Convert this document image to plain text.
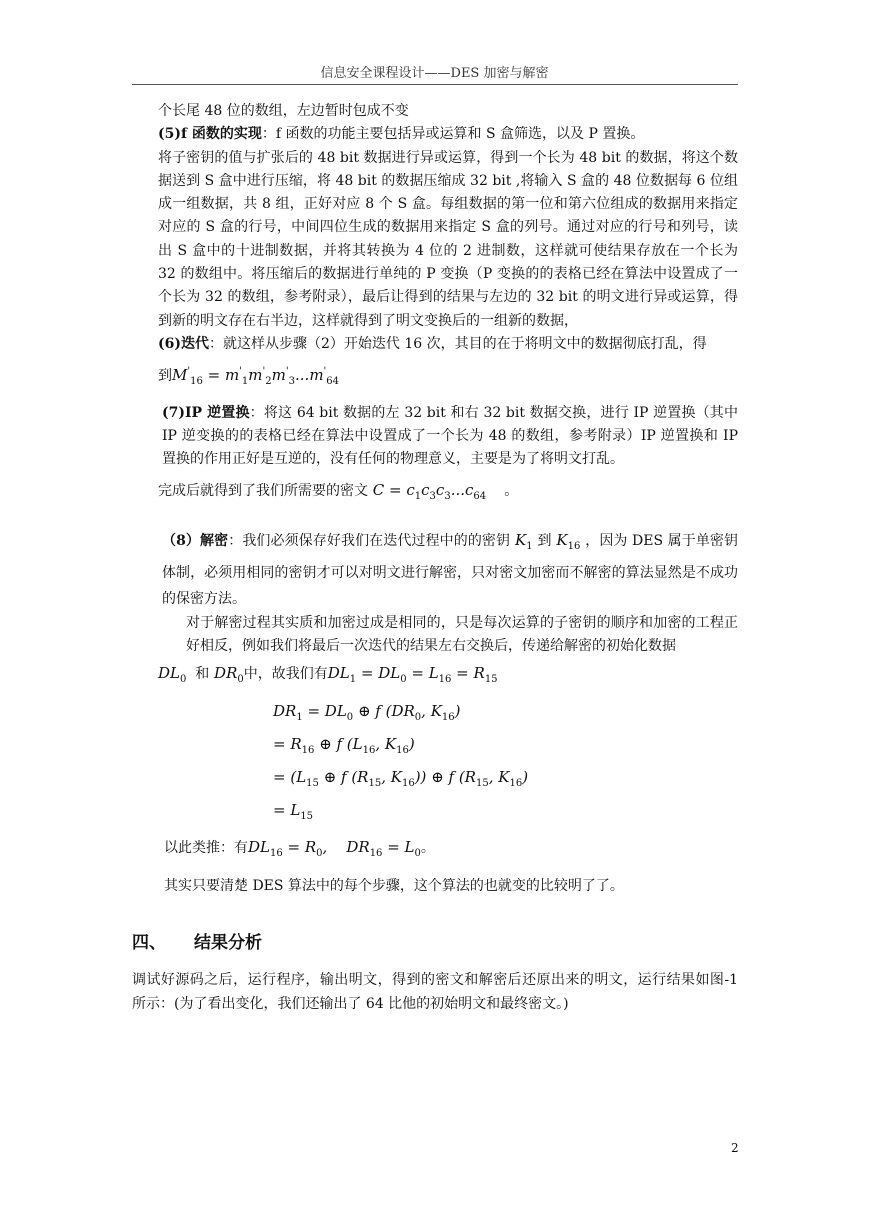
信息安全课程设计——DES 加密与解密

个长尾 48 位的数组，左边暂时包成不变

(5)f 函数的实现：f 函数的功能主要包括异或运算和 S 盒筛选，以及 P 置换。

将子密钥的值与扩张后的 48 bit 数据进行异或运算，得到一个长为 48 bit 的数据，将这个数据送到 S 盒中进行压缩，将 48 bit 的数据压缩成 32 bit ,将输入 S 盒的 48 位数据每 6 位组成一组数据，共 8 组，正好对应 8 个 S 盒。每组数据的第一位和第六位组成的数据用来指定对应的 S 盒的行号，中间四位生成的数据用来指定 S 盒的列号。通过对应的行号和列号，读出 S 盒中的十进制数据，并将其转换为 4 位的 2 进制数，这样就可使结果存放在一个长为 32 的数组中。将压缩后的数据进行单纯的 P 变换（P 变换的的表格已经在算法中设置成了一个长为 32 的数组，参考附录），最后让得到的结果与左边的 32 bit 的明文进行异或运算，得到新的明文存在右半边，这样就得到了明文变换后的一组新的数据，

(6)迭代：就这样从步骤（2）开始迭代 16 次，其目的在于将明文中的数据彻底打乱，得

到$M'_{16} = m'_1m'_2m'_3...m'_{64}$

(7)IP 逆置换：将这 64 bit 数据的左 32 bit 和右 32 bit 数据交换，进行 IP 逆置换（其中 IP 逆变换的的表格已经在算法中设置成了一个长为 48 的数组，参考附录）IP 逆置换和 IP 置换的作用正好是互逆的，没有任何的物理意义，主要是为了将明文打乱。

完成后就得到了我们所需要的密文 $C = c_1c_3c_3...c_{64}$ 。

（8）解密：我们必须保存好我们在迭代过程中的的密钥 $K_1$ 到 $K_{16}$ ，因为 DES 属于单密钥体制，必须用相同的密钥才可以对明文进行解密，只对密文加密而不解密的算法显然是不成功的保密方法。

对于解密过程其实质和加密过成是相同的，只是每次运算的子密钥的顺序和加密的工程正好相反，例如我们将最后一次迭代的结果左右交换后，传递给解密的初始化数据

$DL_0$ 和 $DR_0$中，故我们有$DL_1 = DL_0 = L_{16} = R_{15}$

$DR_1 = DL_0$ ⊕ f ($DR_0$, $K_{16}$)
= $R_{16}$ ⊕ f ($L_{16}$, $K_{16}$)
= ($L_{15}$ ⊕ f ($R_{15}$, $K_{16}$)) ⊕ f ($R_{15}$, $K_{16}$)
= $L_{15}$

以此类推：有$DL_{16} = R_0$,    $DR_{16} = L_0$。

其实只要清楚 DES 算法中的每个步骤，这个算法的也就变的比较明了了。

四、 结果分析
调试好源码之后，运行程序，输出明文，得到的密文和解密后还原出来的明文，运行结果如图-1 所示：(为了看出变化，我们还输出了 64 比他的初始明文和最终密文。)
2
